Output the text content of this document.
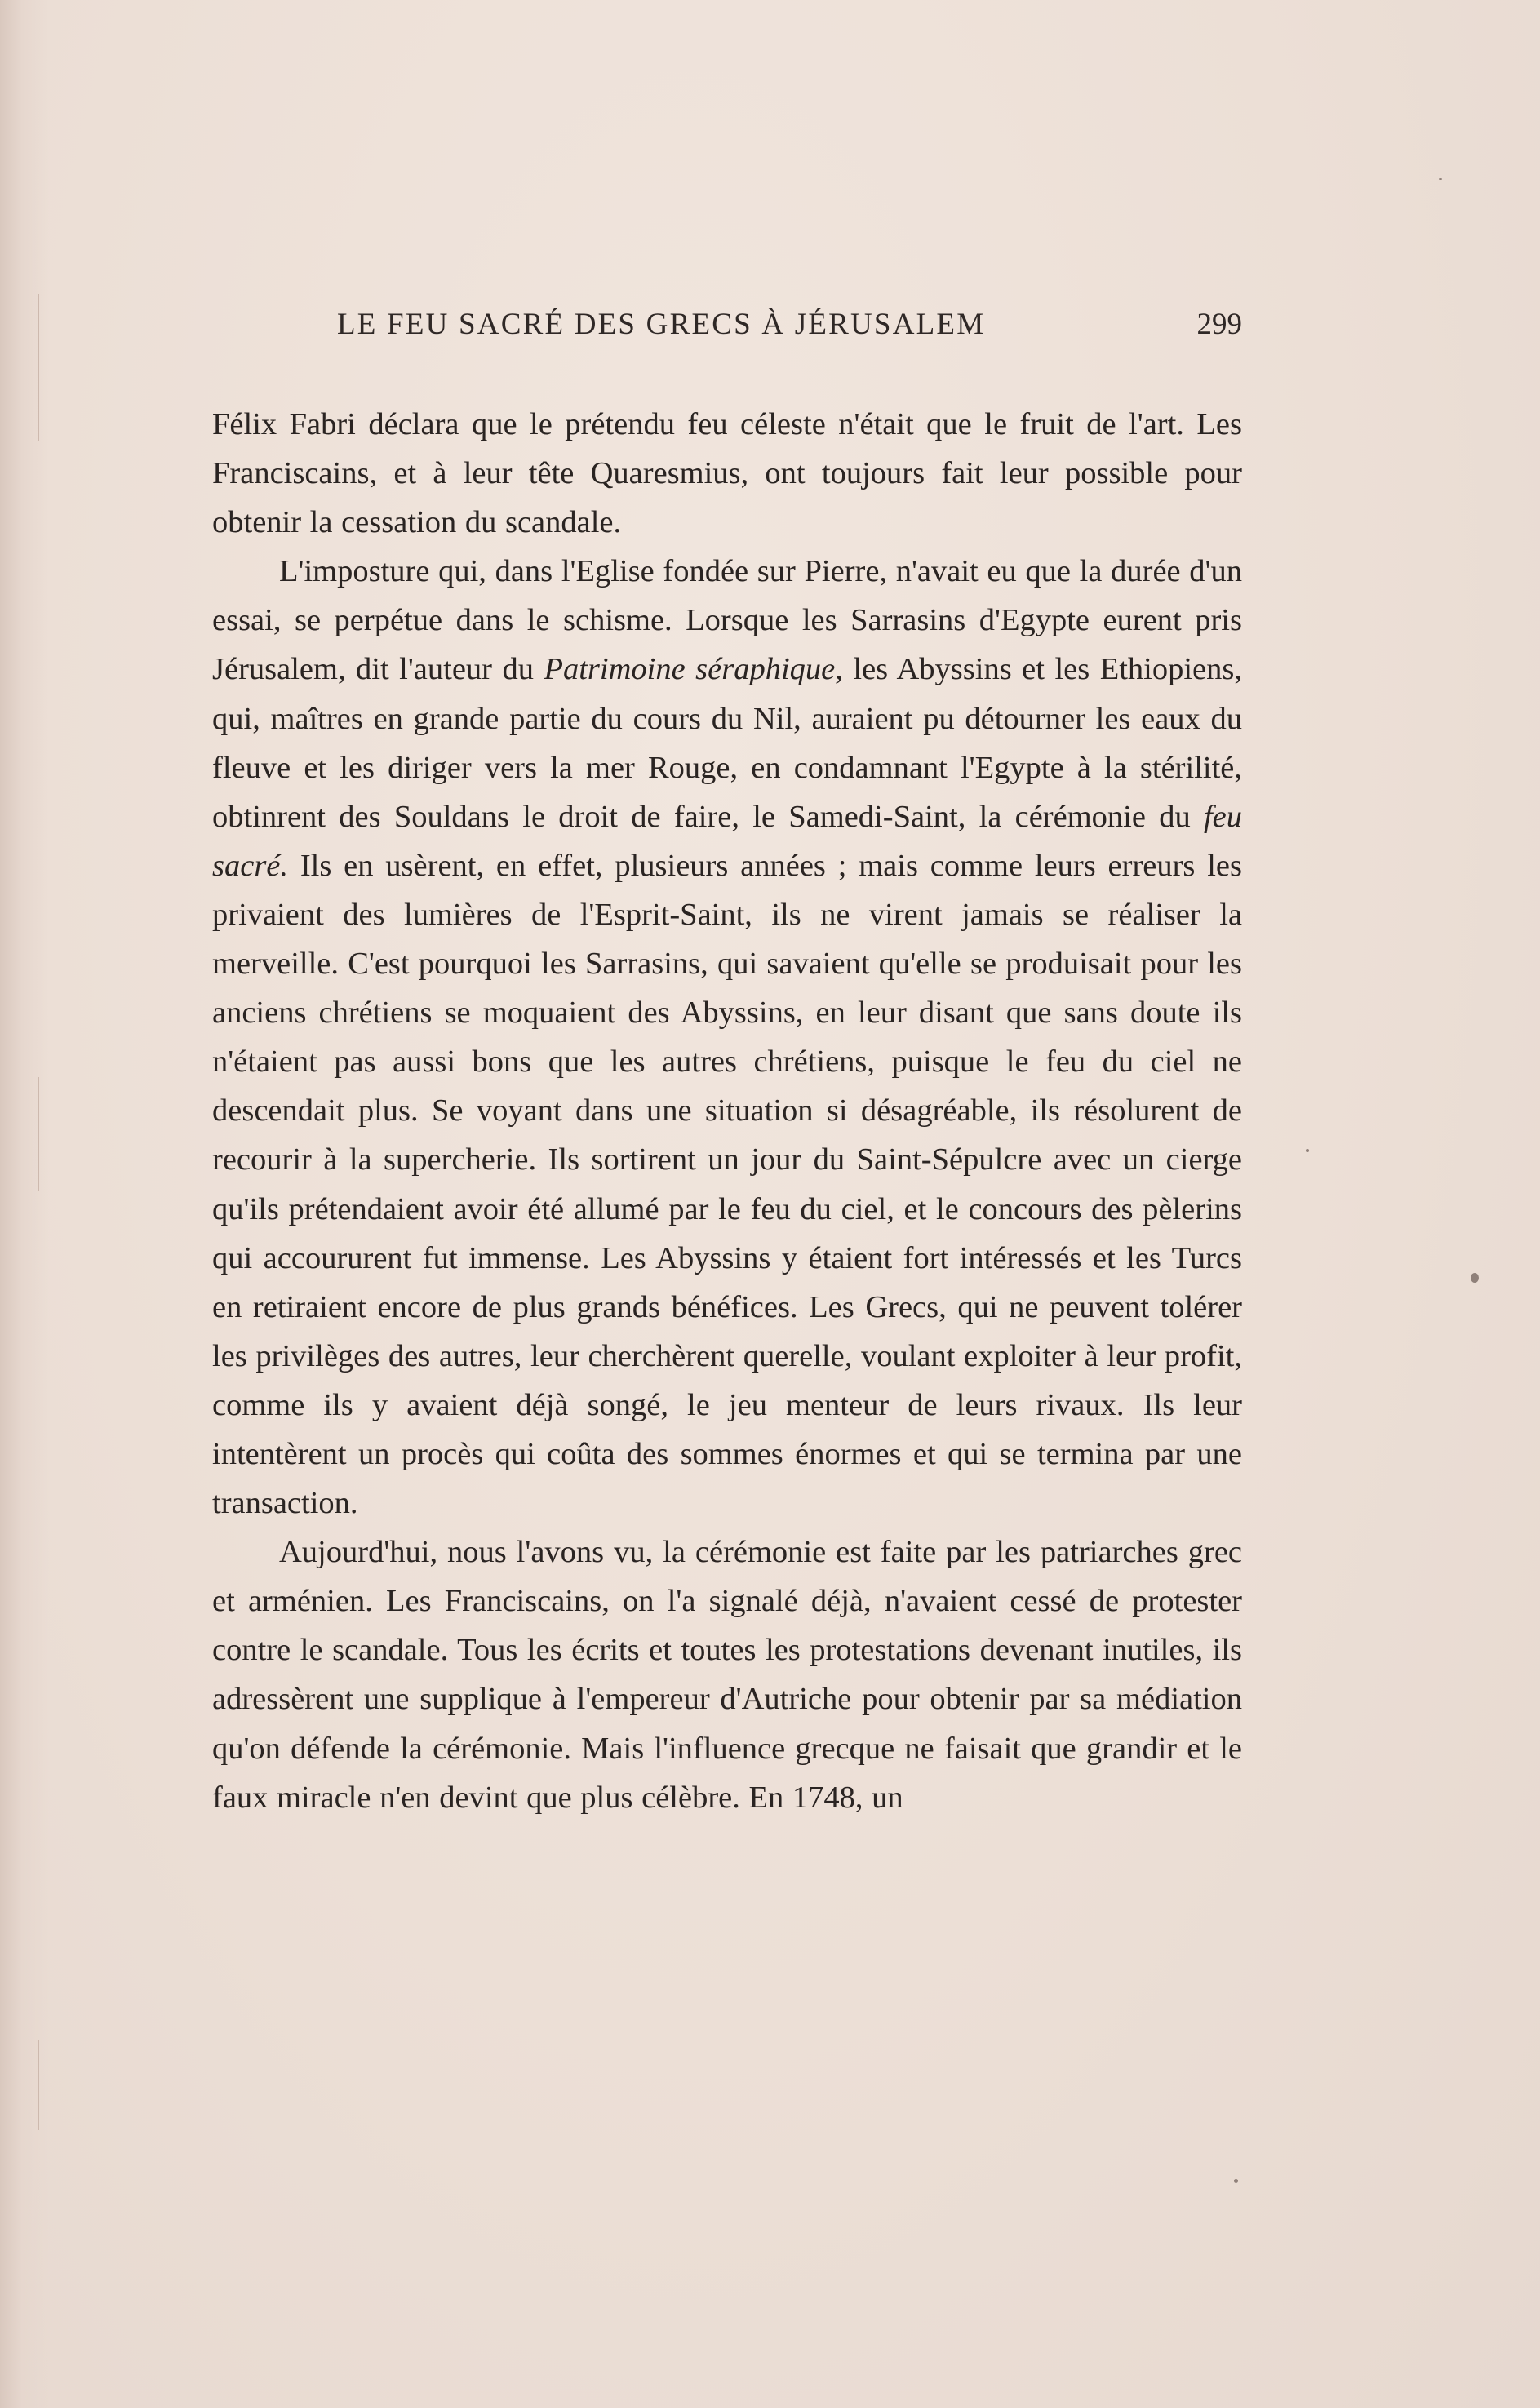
LE FEU SACRÉ DES GRECS À JÉRUSALEM	299

Félix Fabri déclara que le prétendu feu céleste n'était que le fruit de l'art. Les Franciscains, et à leur tête Quaresmius, ont toujours fait leur possible pour obtenir la cessation du scandale.

L'imposture qui, dans l'Eglise fondée sur Pierre, n'avait eu que la durée d'un essai, se perpétue dans le schisme. Lorsque les Sarrasins d'Egypte eurent pris Jérusalem, dit l'auteur du Patrimoine séraphique, les Abyssins et les Ethiopiens, qui, maîtres en grande partie du cours du Nil, auraient pu détourner les eaux du fleuve et les diriger vers la mer Rouge, en condamnant l'Egypte à la stérilité, obtinrent des Souldans le droit de faire, le Samedi-Saint, la cérémonie du feu sacré. Ils en usèrent, en effet, plusieurs années ; mais comme leurs erreurs les privaient des lumières de l'Esprit-Saint, ils ne virent jamais se réaliser la merveille. C'est pourquoi les Sarrasins, qui savaient qu'elle se produisait pour les anciens chrétiens se moquaient des Abyssins, en leur disant que sans doute ils n'étaient pas aussi bons que les autres chrétiens, puisque le feu du ciel ne descendait plus. Se voyant dans une situation si désagréable, ils résolurent de recourir à la supercherie. Ils sortirent un jour du Saint-Sépulcre avec un cierge qu'ils prétendaient avoir été allumé par le feu du ciel, et le concours des pèlerins qui accoururent fut immense. Les Abyssins y étaient fort intéressés et les Turcs en retiraient encore de plus grands bénéfices. Les Grecs, qui ne peuvent tolérer les privilèges des autres, leur cherchèrent querelle, voulant exploiter à leur profit, comme ils y avaient déjà songé, le jeu menteur de leurs rivaux. Ils leur intentèrent un procès qui coûta des sommes énormes et qui se termina par une transaction.

Aujourd'hui, nous l'avons vu, la cérémonie est faite par les patriarches grec et arménien. Les Franciscains, on l'a signalé déjà, n'avaient cessé de protester contre le scandale. Tous les écrits et toutes les protestations devenant inutiles, ils adressèrent une supplique à l'empereur d'Autriche pour obtenir par sa médiation qu'on défende la cérémonie. Mais l'influence grecque ne faisait que grandir et le faux miracle n'en devint que plus célèbre. En 1748, un
